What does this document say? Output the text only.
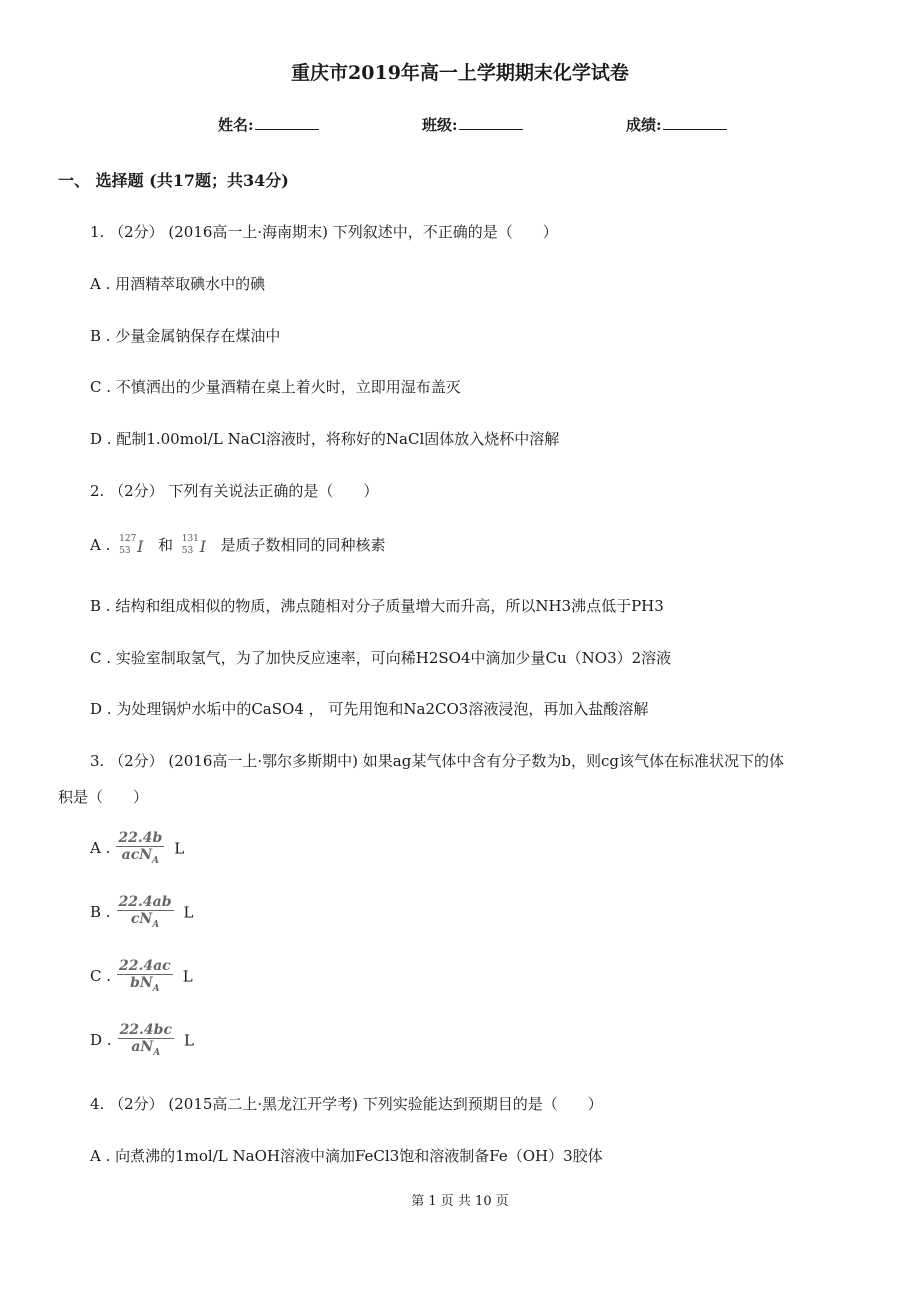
重庆市2019年高一上学期期末化学试卷
姓名:	班级:	成绩:
一、 选择题 (共17题；共34分)
1. （2分） (2016高一上·海南期末) 下列叙述中，不正确的是（　　）
A . 用酒精萃取碘水中的碘
B . 少量金属钠保存在煤油中
C . 不慎洒出的少量酒精在桌上着火时，立即用湿布盖灭
D . 配制1.00mol/L NaCl溶液时，将称好的NaCl固体放入烧杯中溶解
2. （2分） 下列有关说法正确的是（　　）
A . 127
53 I 和 131
53 I 是质子数相同的同种核素
B . 结构和组成相似的物质，沸点随相对分子质量增大而升高，所以NH3沸点低于PH3
C . 实验室制取氢气，为了加快反应速率，可向稀H2SO4中滴加少量Cu（NO3）2溶液
D . 为处理锅炉水垢中的CaSO4 ， 可先用饱和Na2CO3溶液浸泡，再加入盐酸溶解
3. （2分） (2016高一上·鄂尔多斯期中) 如果ag某气体中含有分子数为b，则cg该气体在标准状况下的体
积是（　　）
A . $\frac{22.4b}{acN_A}$ L
B . $\frac{22.4ab}{cN_A}$ L
C . $\frac{22.4ac}{bN_A}$ L
D . $\frac{22.4bc}{aN_A}$ L
4. （2分） (2015高二上·黑龙江开学考) 下列实验能达到预期目的是（　　）
A . 向煮沸的1mol/L NaOH溶液中滴加FeCl3饱和溶液制备Fe（OH）3胶体
第 1 页 共 10 页
